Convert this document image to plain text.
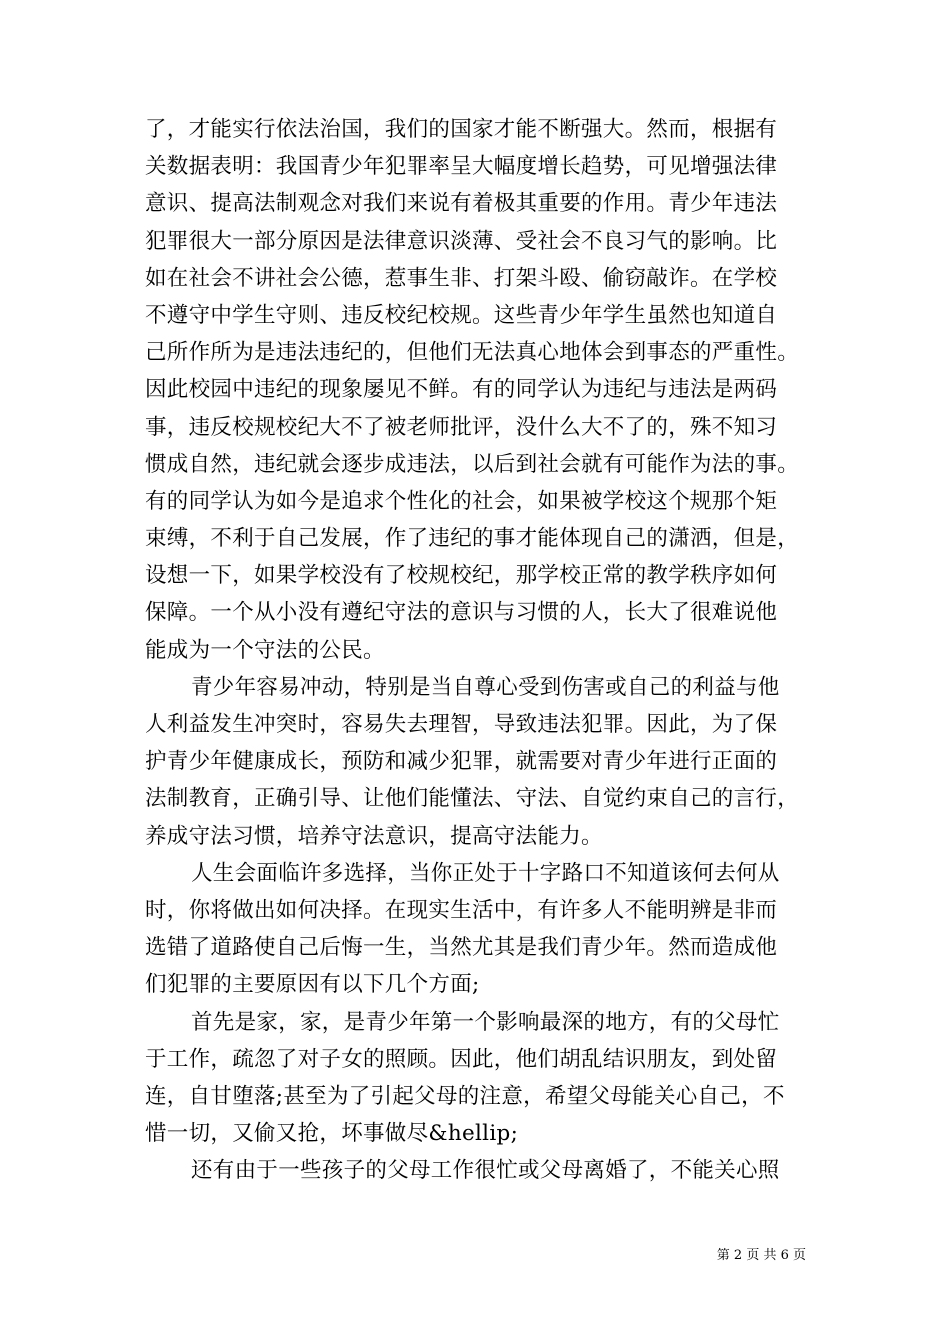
了，才能实行依法治国，我们的国家才能不断强大。然而，根据有
关数据表明：我国青少年犯罪率呈大幅度增长趋势，可见增强法律
意识、提高法制观念对我们来说有着极其重要的作用。青少年违法
犯罪很大一部分原因是法律意识淡薄、受社会不良习气的影响。比
如在社会不讲社会公德，惹事生非、打架斗殴、偷窃敲诈。在学校
不遵守中学生守则、违反校纪校规。这些青少年学生虽然也知道自
己所作所为是违法违纪的，但他们无法真心地体会到事态的严重性。
因此校园中违纪的现象屡见不鲜。有的同学认为违纪与违法是两码
事，违反校规校纪大不了被老师批评，没什么大不了的，殊不知习
惯成自然，违纪就会逐步成违法，以后到社会就有可能作为法的事。
有的同学认为如今是追求个性化的社会，如果被学校这个规那个矩
束缚，不利于自己发展，作了违纪的事才能体现自己的潇洒，但是，
设想一下，如果学校没有了校规校纪，那学校正常的教学秩序如何
保障。一个从小没有遵纪守法的意识与习惯的人，长大了很难说他
能成为一个守法的公民。
青少年容易冲动，特别是当自尊心受到伤害或自己的利益与他
人利益发生冲突时，容易失去理智，导致违法犯罪。因此，为了保
护青少年健康成长，预防和减少犯罪，就需要对青少年进行正面的
法制教育，正确引导、让他们能懂法、守法、自觉约束自己的言行，
养成守法习惯，培养守法意识，提高守法能力。
人生会面临许多选择，当你正处于十字路口不知道该何去何从
时，你将做出如何决择。在现实生活中，有许多人不能明辨是非而
选错了道路使自己后悔一生，当然尤其是我们青少年。然而造成他
们犯罪的主要原因有以下几个方面;
首先是家，家，是青少年第一个影响最深的地方，有的父母忙
于工作，疏忽了对子女的照顾。因此，他们胡乱结识朋友，到处留
连，自甘堕落;甚至为了引起父母的注意，希望父母能关心自己，不
惜一切，又偷又抢，坏事做尽&hellip;
还有由于一些孩子的父母工作很忙或父母离婚了，不能关心照
第 2 页 共 6 页
